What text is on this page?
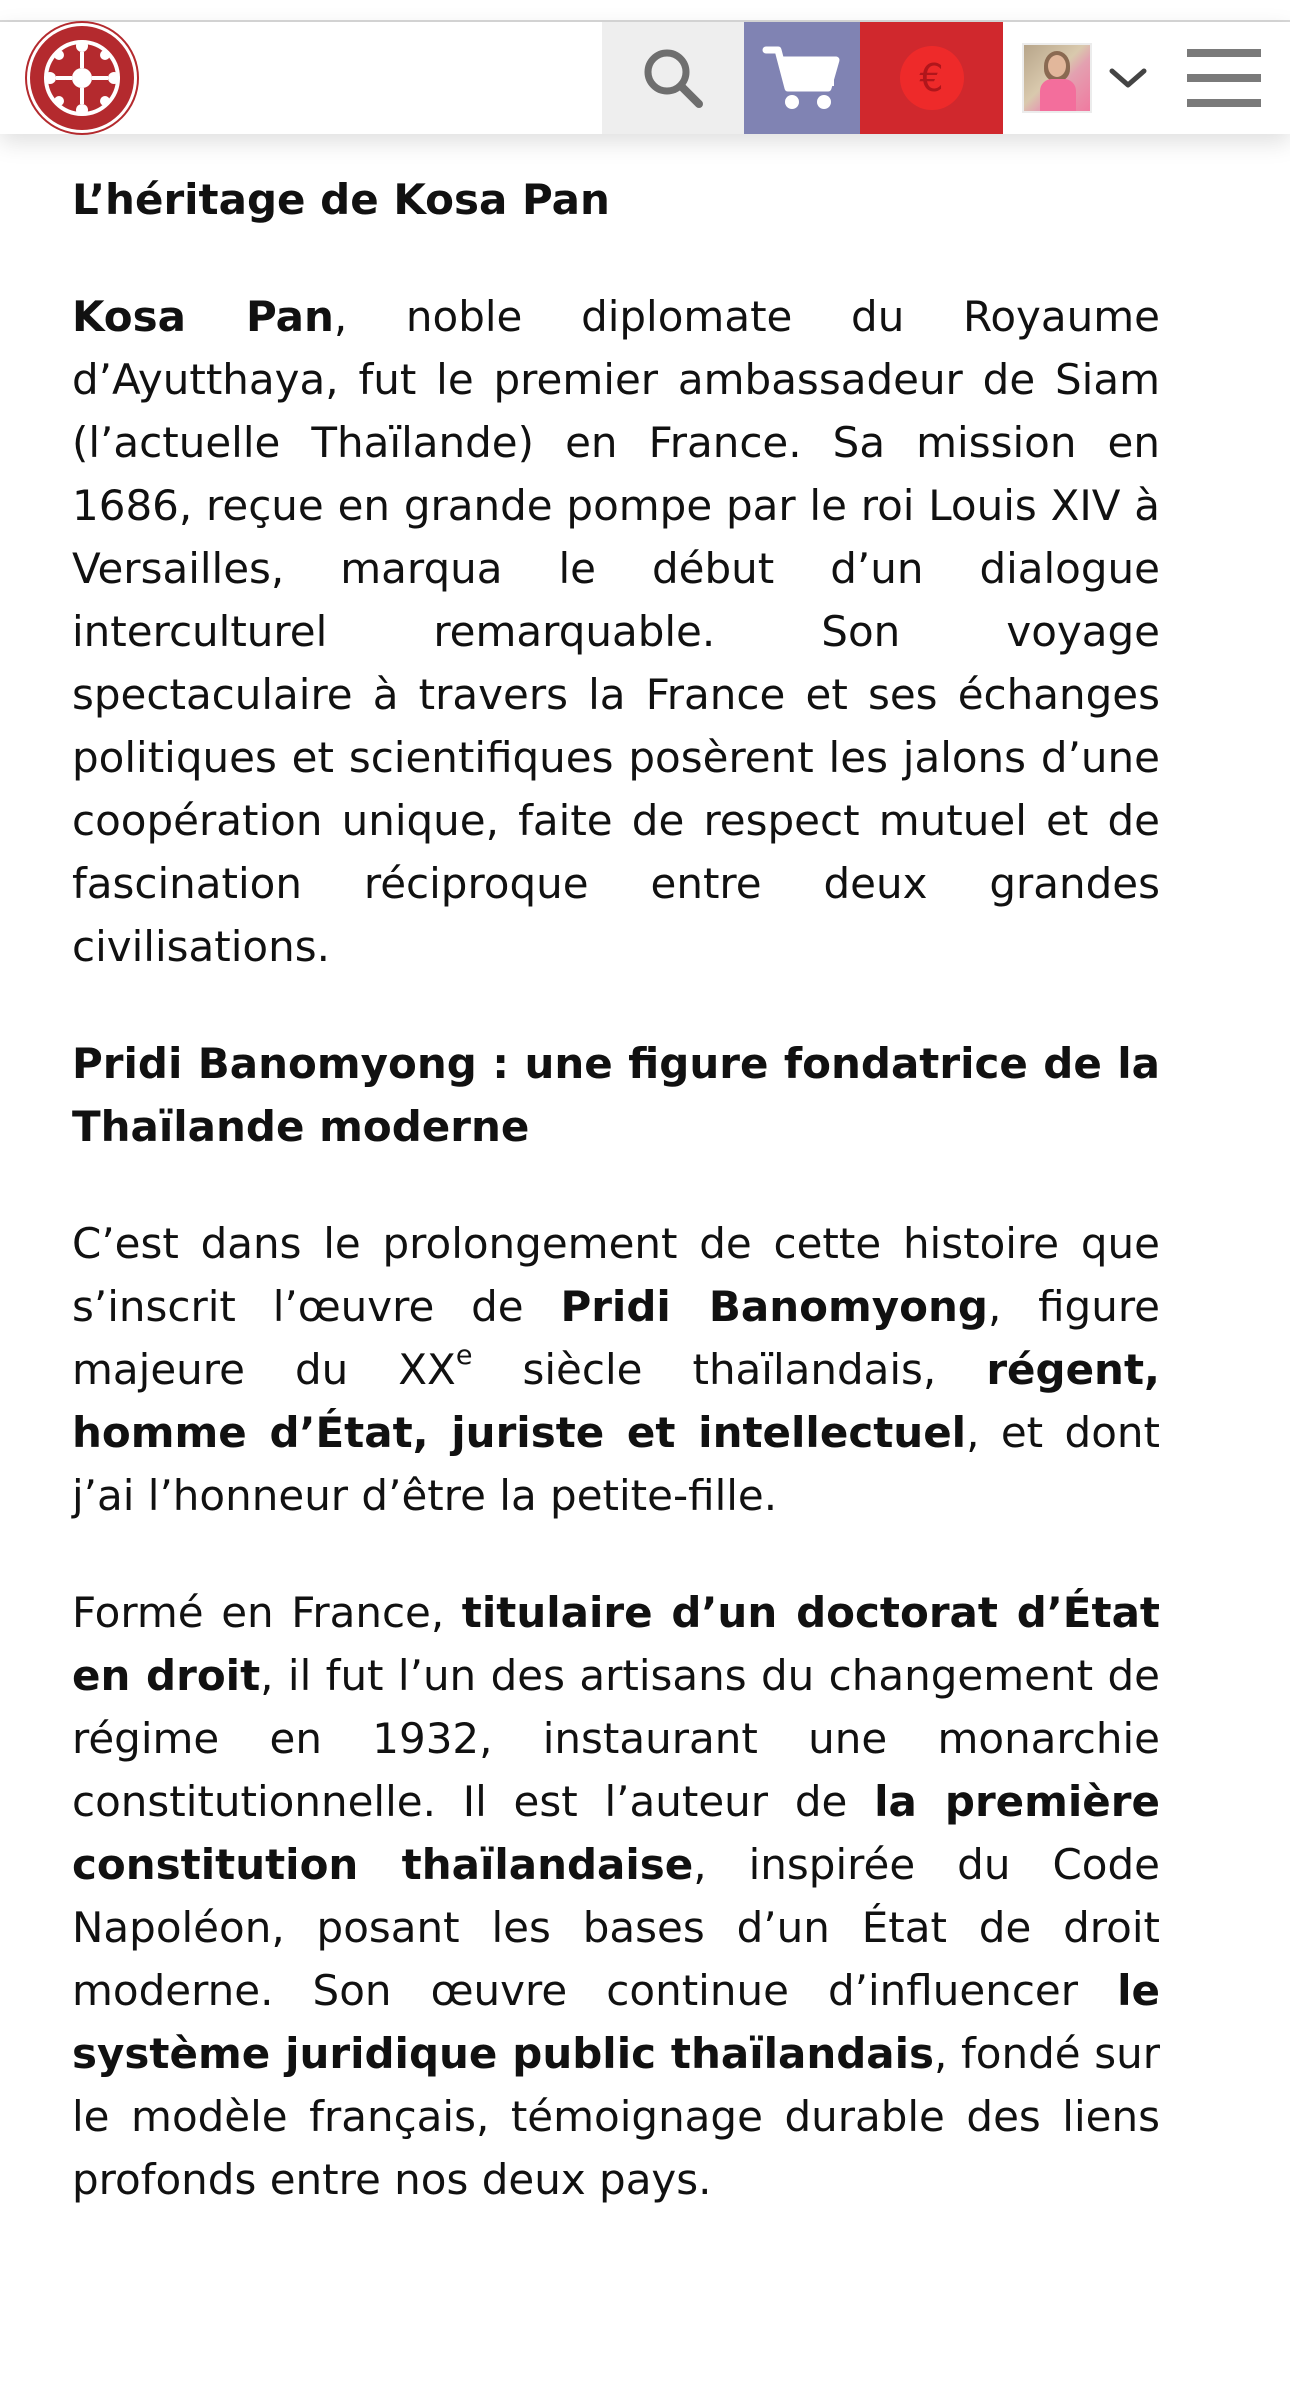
€
L’héritage de Kosa Pan

Kosa Pan, noble diplomate du Royaume d’Ayutthaya, fut le premier ambassadeur de Siam (l’actuelle Thaïlande) en France. Sa mission en 1686, reçue en grande pompe par le roi Louis XIV à Versailles, marqua le début d’un dialogue interculturel remarquable. Son voyage spectaculaire à travers la France et ses échanges politiques et scientifiques posèrent les jalons d’une coopération unique, faite de respect mutuel et de fascination réciproque entre deux grandes civilisations.

Pridi Banomyong : une figure fondatrice de la Thaïlande moderne

C’est dans le prolongement de cette histoire que s’inscrit l’œuvre de Pridi Banomyong, figure majeure du XXe siècle thaïlandais, régent, homme d’État, juriste et intellectuel, et dont j’ai l’honneur d’être la petite-fille.

Formé en France, titulaire d’un doctorat d’État en droit, il fut l’un des artisans du changement de régime en 1932, instaurant une monarchie constitutionnelle. Il est l’auteur de la première constitution thaïlandaise, inspirée du Code Napoléon, posant les bases d’un État de droit moderne. Son œuvre continue d’influencer le système juridique public thaïlandais, fondé sur le modèle français, témoignage durable des liens profonds entre nos deux pays.
